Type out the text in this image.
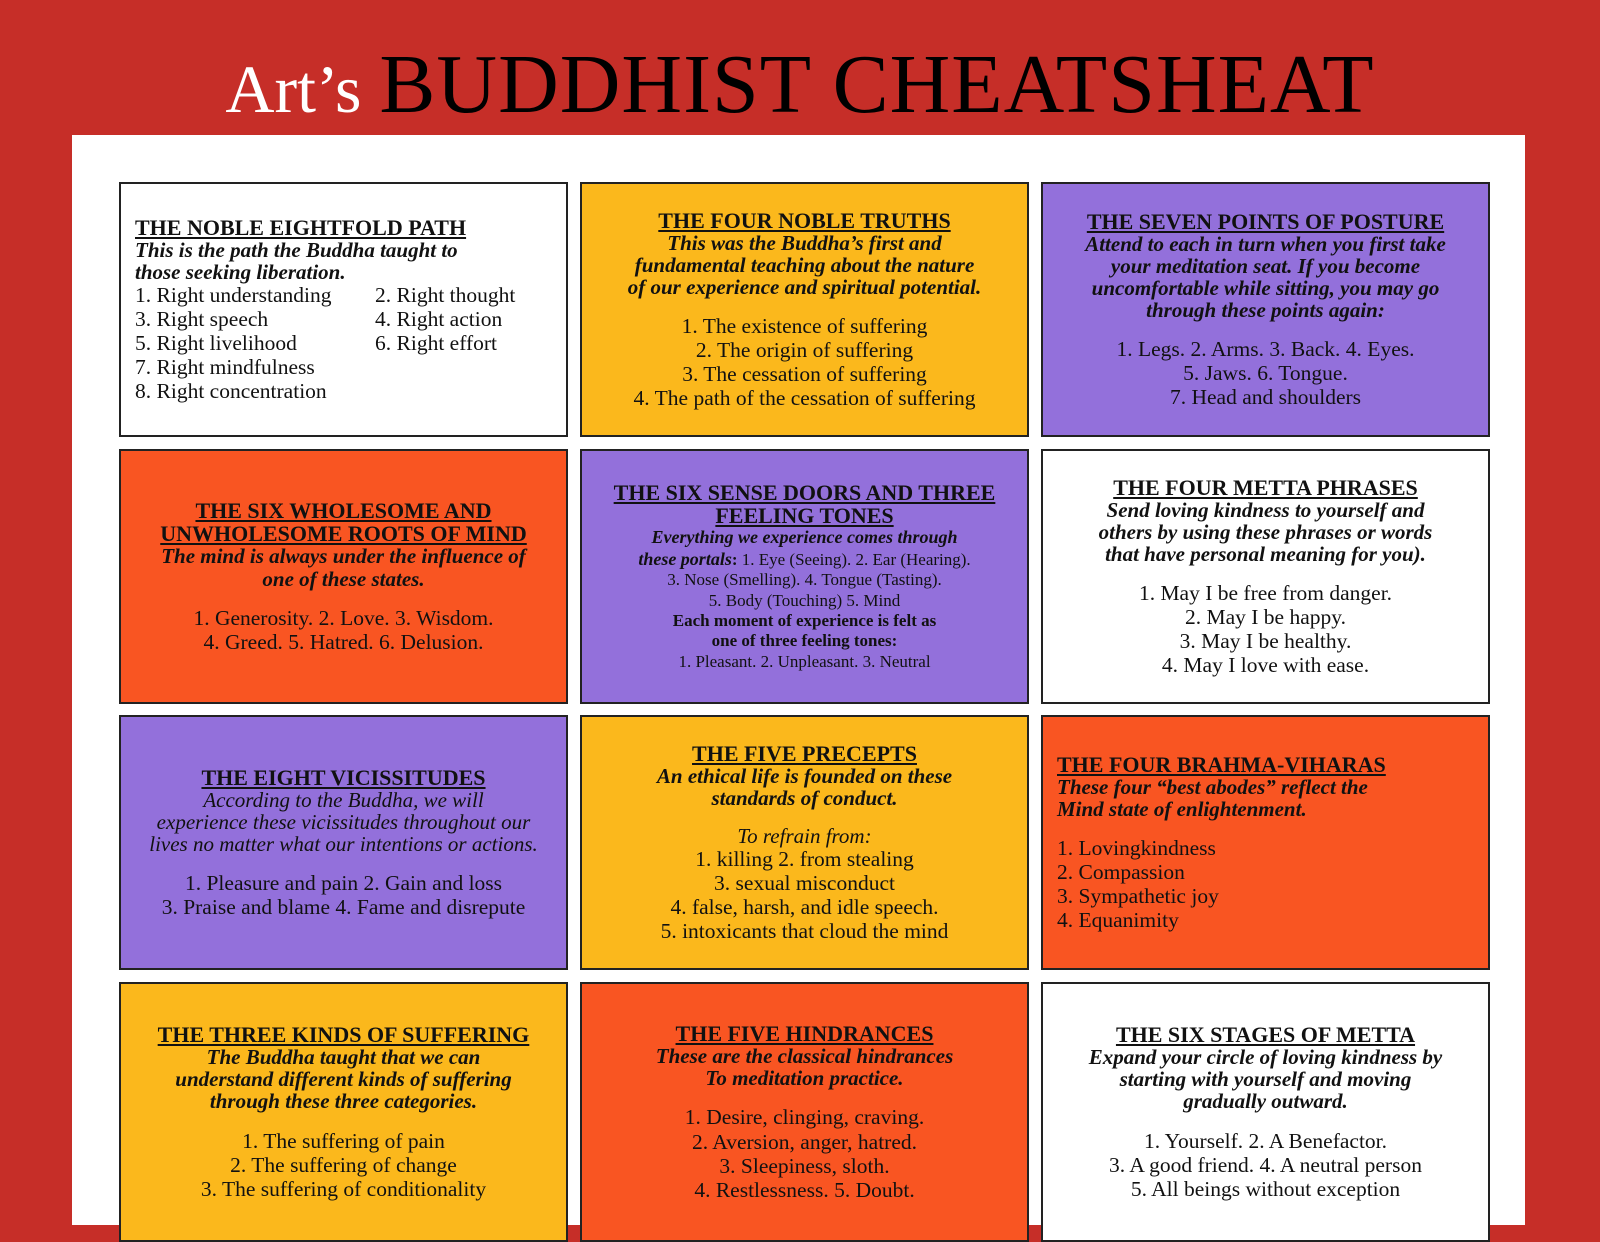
Art’s BUDDHIST CHEATSHEAT
THE NOBLE EIGHTFOLD PATH
This is the path the Buddha taught to
those seeking liberation.
1. Right understanding	2. Right thought
3. Right speech	4. Right action
5. Right livelihood	6. Right effort
7. Right mindfulness
8. Right concentration
THE FOUR NOBLE TRUTHS
This was the Buddha’s first and
fundamental teaching about the nature
of our experience and spiritual potential.
1. The existence of suffering
2. The origin of suffering
3. The cessation of suffering
4. The path of the cessation of suffering
THE SEVEN POINTS OF POSTURE
Attend to each in turn when you first take
your meditation seat. If you become
uncomfortable while sitting, you may go
through these points again:
1. Legs. 2. Arms. 3. Back. 4. Eyes.
5. Jaws. 6. Tongue.
7. Head and shoulders
THE SIX WHOLESOME AND
UNWHOLESOME ROOTS OF MIND
The mind is always under the influence of
one of these states.
1. Generosity. 2. Love. 3. Wisdom.
4. Greed. 5. Hatred. 6. Delusion.
THE SIX SENSE DOORS AND THREE
FEELING TONES
Everything we experience comes through
these portals: 1. Eye (Seeing). 2. Ear (Hearing).
3. Nose (Smelling). 4. Tongue (Tasting).
5. Body (Touching) 5. Mind
Each moment of experience is felt as
one of three feeling tones:
1. Pleasant. 2. Unpleasant. 3. Neutral
THE FOUR METTA PHRASES
Send loving kindness to yourself and
others by using these phrases or words
that have personal meaning for you).
1. May I be free from danger.
2. May I be happy.
3. May I be healthy.
4. May I love with ease.
THE EIGHT VICISSITUDES
According to the Buddha, we will
experience these vicissitudes throughout our
lives no matter what our intentions or actions.
1. Pleasure and pain 2. Gain and loss
3. Praise and blame 4. Fame and disrepute
THE FIVE PRECEPTS
An ethical life is founded on these
standards of conduct.
To refrain from:
1. killing 2. from stealing
3. sexual misconduct
4. false, harsh, and idle speech.
5. intoxicants that cloud the mind
THE FOUR BRAHMA-VIHARAS
These four “best abodes” reflect the
Mind state of enlightenment.
1. Lovingkindness
2. Compassion
3. Sympathetic joy
4. Equanimity
THE THREE KINDS OF SUFFERING
The Buddha taught that we can
understand different kinds of suffering
through these three categories.
1. The suffering of pain
2. The suffering of change
3. The suffering of conditionality
THE FIVE HINDRANCES
These are the classical hindrances
To meditation practice.
1. Desire, clinging, craving.
2. Aversion, anger, hatred.
3. Sleepiness, sloth.
4. Restlessness. 5. Doubt.
THE SIX STAGES OF METTA
Expand your circle of loving kindness by
starting with yourself and moving
gradually outward.
1. Yourself. 2. A Benefactor.
3. A good friend. 4. A neutral person
5. All beings without exception
